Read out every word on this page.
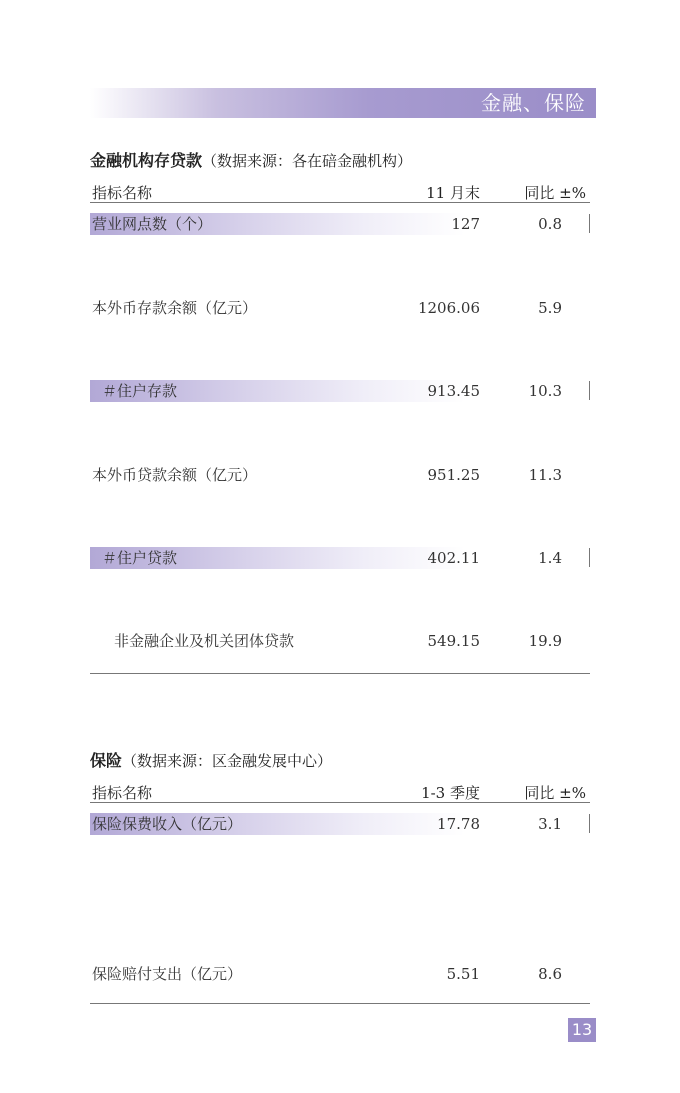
金融、保险
金融机构存贷款（数据来源：各在碚金融机构）
指标名称	11 月末	同比 ±%
营业网点数（个）	127	0.8
本外币存款余额（亿元）	1206.06	5.9
＃住户存款	913.45	10.3
本外币贷款余额（亿元）	951.25	11.3
＃住户贷款	402.11	1.4
非金融企业及机关团体贷款	549.15	19.9
保险（数据来源：区金融发展中心）
指标名称	1-3 季度	同比 ±%
保险保费收入（亿元）	17.78	3.1
保险赔付支出（亿元）	5.51	8.6
13
